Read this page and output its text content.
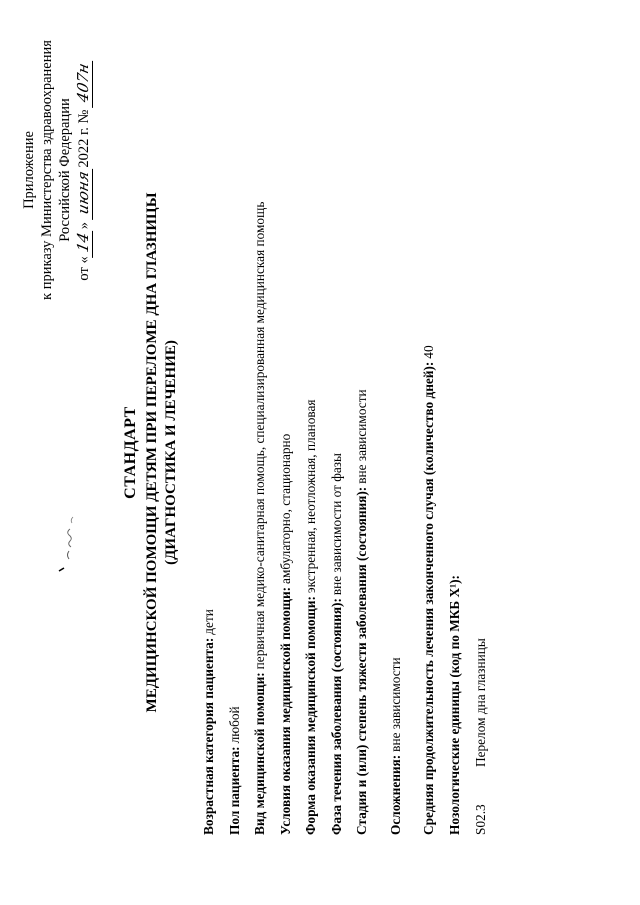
Приложение к приказу Министерства здравоохранения Российской Федерации
от «14» июня2022 г. № 407н
СТАНДАРТ МЕДИЦИНСКОЙ ПОМОЩИ ДЕТЯМ ПРИ ПЕРЕЛОМЕ ДНА ГЛАЗНИЦЫ (ДИАГНОСТИКА И ЛЕЧЕНИЕ)
Возрастная категория пациента :дети
Пол пациента :любой Вид медицинской помощи :первичная медико-санитарная помощь, специализированная медицинская помощь
Условия оказания медицинской помощи :амбулаторно, стационарно
Форма оказания медицинской помощи :экстренная, неотложная, плановая
Фаза течения заболевания (состояния) :вне зависимости от фазы Стадия и (или) степень тяжести заболевания (состояния) :вне зависимости
Осложнения :вне зависимости	Средняя продолжительность лечения законченного случая (количество дней) :40
Нозологические единицы (код по МКБ X¹) : S02.3Перелом дна глазницы
